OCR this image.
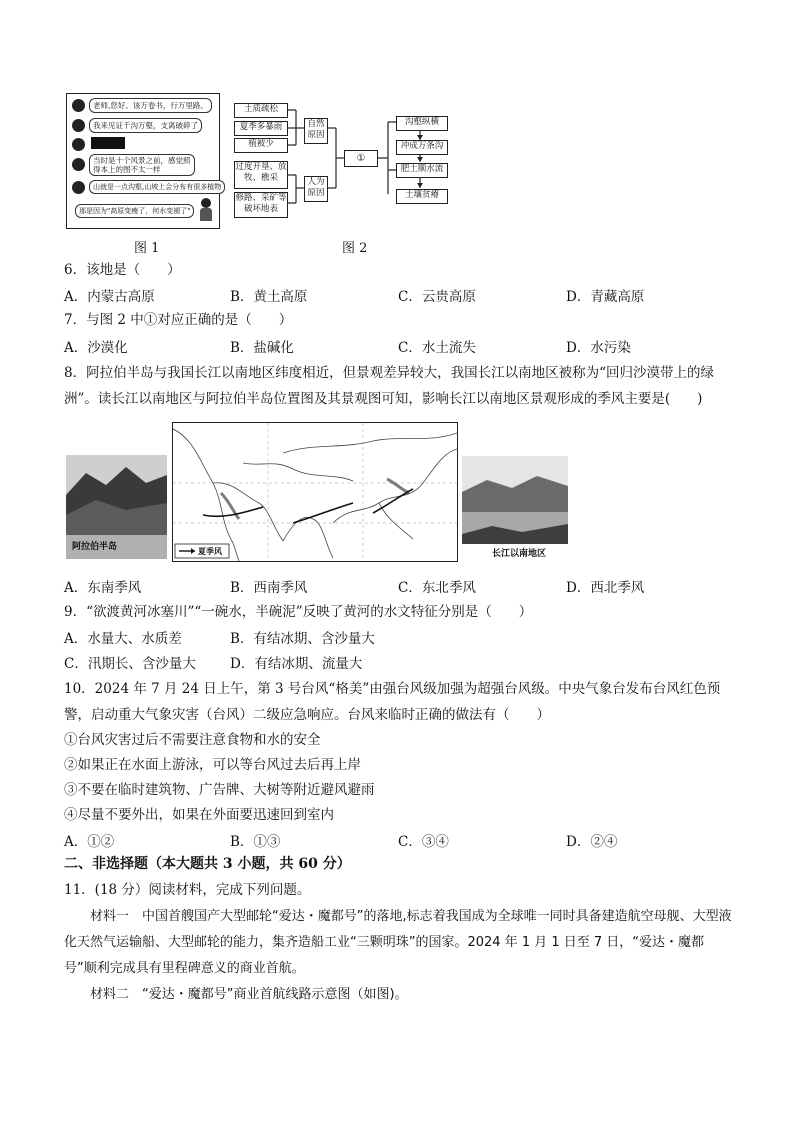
老师,您好。该万卷书，行万里路。
我来见证千沟万壑，支离破碎了
当时是十个风景之前，感觉照得本上的图不太一样
山就是一点沟壑,山坡上会分布有很多植物
那是因为"高原变瘦了，何水变褪了"
图 1
土质疏松
夏季多暴雨
植被少
过度开垦、放牧、樵采
修路、采矿等破坏地表
自然原因
人为原因
①
沟壑纵横
冲成万条沟
肥土顺水流
土壤贫瘠
图 2
6．该地是（　　）
A．内蒙古高原	B．黄土高原	C．云贵高原	D．青藏高原
7．与图 2 中①对应正确的是（　　）
A．沙漠化	B．盐碱化	C．水土流失	D．水污染
8．阿拉伯半岛与我国长江以南地区纬度相近，但景观差异较大，我国长江以南地区被称为“回归沙漠带上的绿洲”。读长江以南地区与阿拉伯半岛位置图及其景观图可知，影响长江以南地区景观形成的季风主要是(　　)
阿拉伯半岛	夏季风	长江以南地区
A．东南季风	B．西南季风	C．东北季风	D．西北季风
9．“欲渡黄河冰塞川”“一碗水，半碗泥”反映了黄河的水文特征分别是（　　）
A．水量大、水质差	B．有结冰期、含沙量大
C．汛期长、含沙量大	D．有结冰期、流量大
10．2024 年 7 月 24 日上午，第 3 号台风“格美”由强台风级加强为超强台风级。中央气象台发布台风红色预警，启动重大气象灾害（台风）二级应急响应。台风来临时正确的做法有（　　）
①台风灾害过后不需要注意食物和水的安全
②如果正在水面上游泳，可以等台风过去后再上岸
③不要在临时建筑物、广告牌、大树等附近避风避雨
④尽量不要外出，如果在外面要迅速回到室内
A．①②	B．①③	C．③④	D．②④
二、非选择题（本大题共 3 小题，共 60 分）
11．(18 分）阅读材料，完成下列问题。
材料一　中国首艘国产大型邮轮“爱达・魔都号”的落地,标志着我国成为全球唯一同时具备建造航空母舰、大型液化天然气运输船、大型邮轮的能力，集齐造船工业“三颗明珠”的国家。2024 年 1 月 1 日至 7 日，“爱达・魔都号”顺利完成具有里程碑意义的商业首航。
材料二　“爱达・魔都号”商业首航线路示意图（如图)。
